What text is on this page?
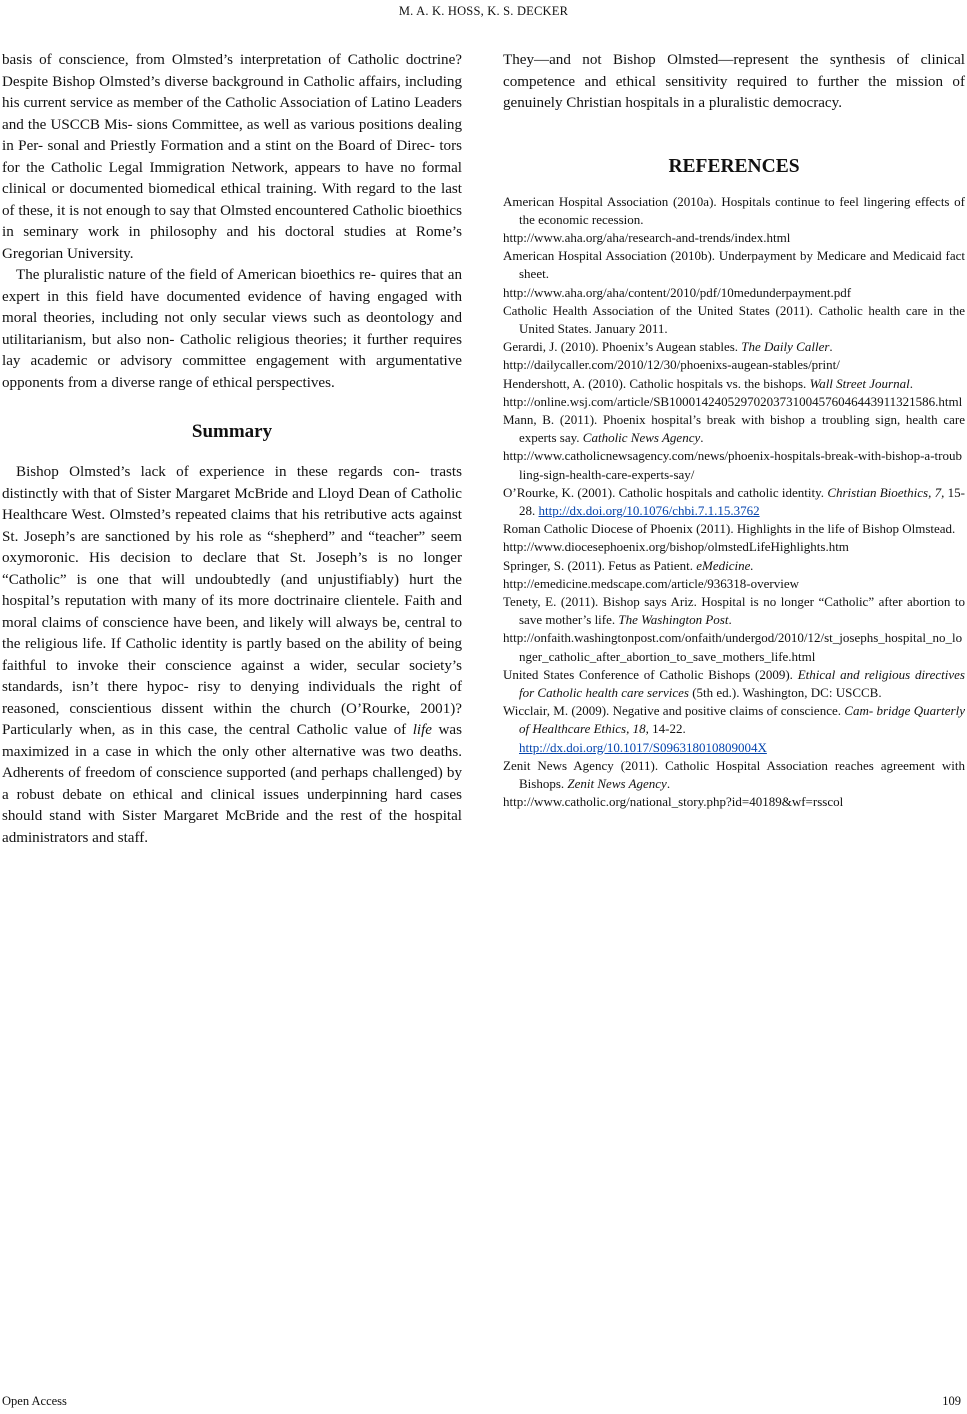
M. A. K. HOSS, K. S. DECKER

basis of conscience, from Olmsted’s interpretation of Catholic doctrine? Despite Bishop Olmsted’s diverse background in Catholic affairs, including his current service as member of the Catholic Association of Latino Leaders and the USCCB Mis- sions Committee, as well as various positions dealing in Per- sonal and Priestly Formation and a stint on the Board of Direc- tors for the Catholic Legal Immigration Network, appears to have no formal clinical or documented biomedical ethical training. With regard to the last of these, it is not enough to say that Olmsted encountered Catholic bioethics in seminary work in philosophy and his doctoral studies at Rome’s Gregorian University.

The pluralistic nature of the field of American bioethics re- quires that an expert in this field have documented evidence of having engaged with moral theories, including not only secular views such as deontology and utilitarianism, but also non- Catholic religious theories; it further requires lay academic or advisory committee engagement with argumentative opponents from a diverse range of ethical perspectives.

Summary

Bishop Olmsted’s lack of experience in these regards con- trasts distinctly with that of Sister Margaret McBride and Lloyd Dean of Catholic Healthcare West. Olmsted’s repeated claims that his retributive acts against St. Joseph’s are sanctioned by his role as “shepherd” and “teacher” seem oxymoronic. His decision to declare that St. Joseph’s is no longer “Catholic” is one that will undoubtedly (and unjustifiably) hurt the hospital’s reputation with many of its more doctrinaire clientele. Faith and moral claims of conscience have been, and likely will always be, central to the religious life. If Catholic identity is partly based on the ability of being faithful to invoke their conscience against a wider, secular society’s standards, isn’t there hypoc- risy to denying individuals the right of reasoned, conscientious dissent within the church (O’Rourke, 2001)? Particularly when, as in this case, the central Catholic value of life was maximized in a case in which the only other alternative was two deaths. Adherents of freedom of conscience supported (and perhaps challenged) by a robust debate on ethical and clinical issues underpinning hard cases should stand with Sister Margaret McBride and the rest of the hospital administrators and staff.

They—and not Bishop Olmsted—represent the synthesis of clinical competence and ethical sensitivity required to further the mission of genuinely Christian hospitals in a pluralistic democracy.

REFERENCES

American Hospital Association (2010a). Hospitals continue to feel lingering effects of the economic recession.
http://www.aha.org/aha/research-and-trends/index.html

American Hospital Association (2010b). Underpayment by Medicare and Medicaid fact sheet.
http://www.aha.org/aha/content/2010/pdf/10medunderpayment.pdf

Catholic Health Association of the United States (2011). Catholic health care in the United States. January 2011.

Gerardi, J. (2010). Phoenix’s Augean stables. The Daily Caller.
http://dailycaller.com/2010/12/30/phoenixs-augean-stables/print/

Hendershott, A. (2010). Catholic hospitals vs. the bishops. Wall Street Journal.
http://online.wsj.com/article/SB10001424052970203731004576046443911321586.html

Mann, B. (2011). Phoenix hospital’s break with bishop a troubling sign, health care experts say. Catholic News Agency.
http://www.catholicnewsagency.com/news/phoenix-hospitals-break-with-bishop-a-troubling-sign-health-care-experts-say/

O’Rourke, K. (2001). Catholic hospitals and catholic identity. Christian Bioethics, 7, 15-28. http://dx.doi.org/10.1076/chbi.7.1.15.3762

Roman Catholic Diocese of Phoenix (2011). Highlights in the life of Bishop Olmstead.
http://www.diocesephoenix.org/bishop/olmstedLifeHighlights.htm

Springer, S. (2011). Fetus as Patient. eMedicine.
http://emedicine.medscape.com/article/936318-overview

Tenety, E. (2011). Bishop says Ariz. Hospital is no longer “Catholic” after abortion to save mother’s life. The Washington Post.
http://onfaith.washingtonpost.com/onfaith/undergod/2010/12/st_josephs_hospital_no_longer_catholic_after_abortion_to_save_mothers_life.html

United States Conference of Catholic Bishops (2009). Ethical and religious directives for Catholic health care services (5th ed.). Washington, DC: USCCB.

Wicclair, M. (2009). Negative and positive claims of conscience. Cam- bridge Quarterly of Healthcare Ethics, 18, 14-22.
http://dx.doi.org/10.1017/S096318010809004X

Zenit News Agency (2011). Catholic Hospital Association reaches agreement with Bishops. Zenit News Agency.
http://www.catholic.org/national_story.php?id=40189&wf=rsscol

Open Access	109
